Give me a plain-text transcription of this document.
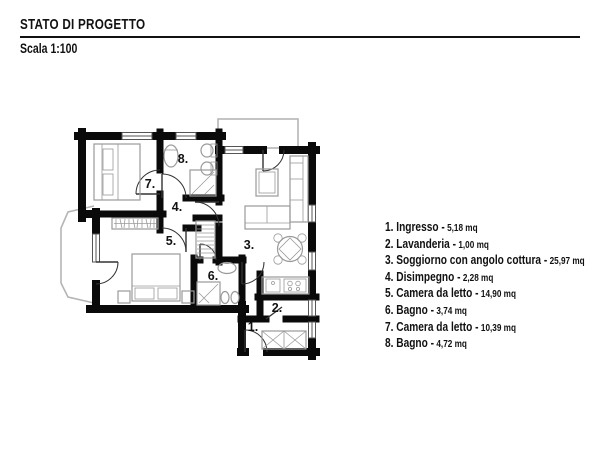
STATO DI PROGETTO
Scala 1:100
7.
8.
4.
5.	3.
6.
2.
1.
1. Ingresso - 5,18 mq
2. Lavanderia - 1,00 mq
3. Soggiorno con angolo cottura - 25,97 mq
4. Disimpegno - 2,28 mq
5. Camera da letto - 14,90 mq
6. Bagno - 3,74 mq
7. Camera da letto - 10,39 mq
8. Bagno - 4,72 mq
